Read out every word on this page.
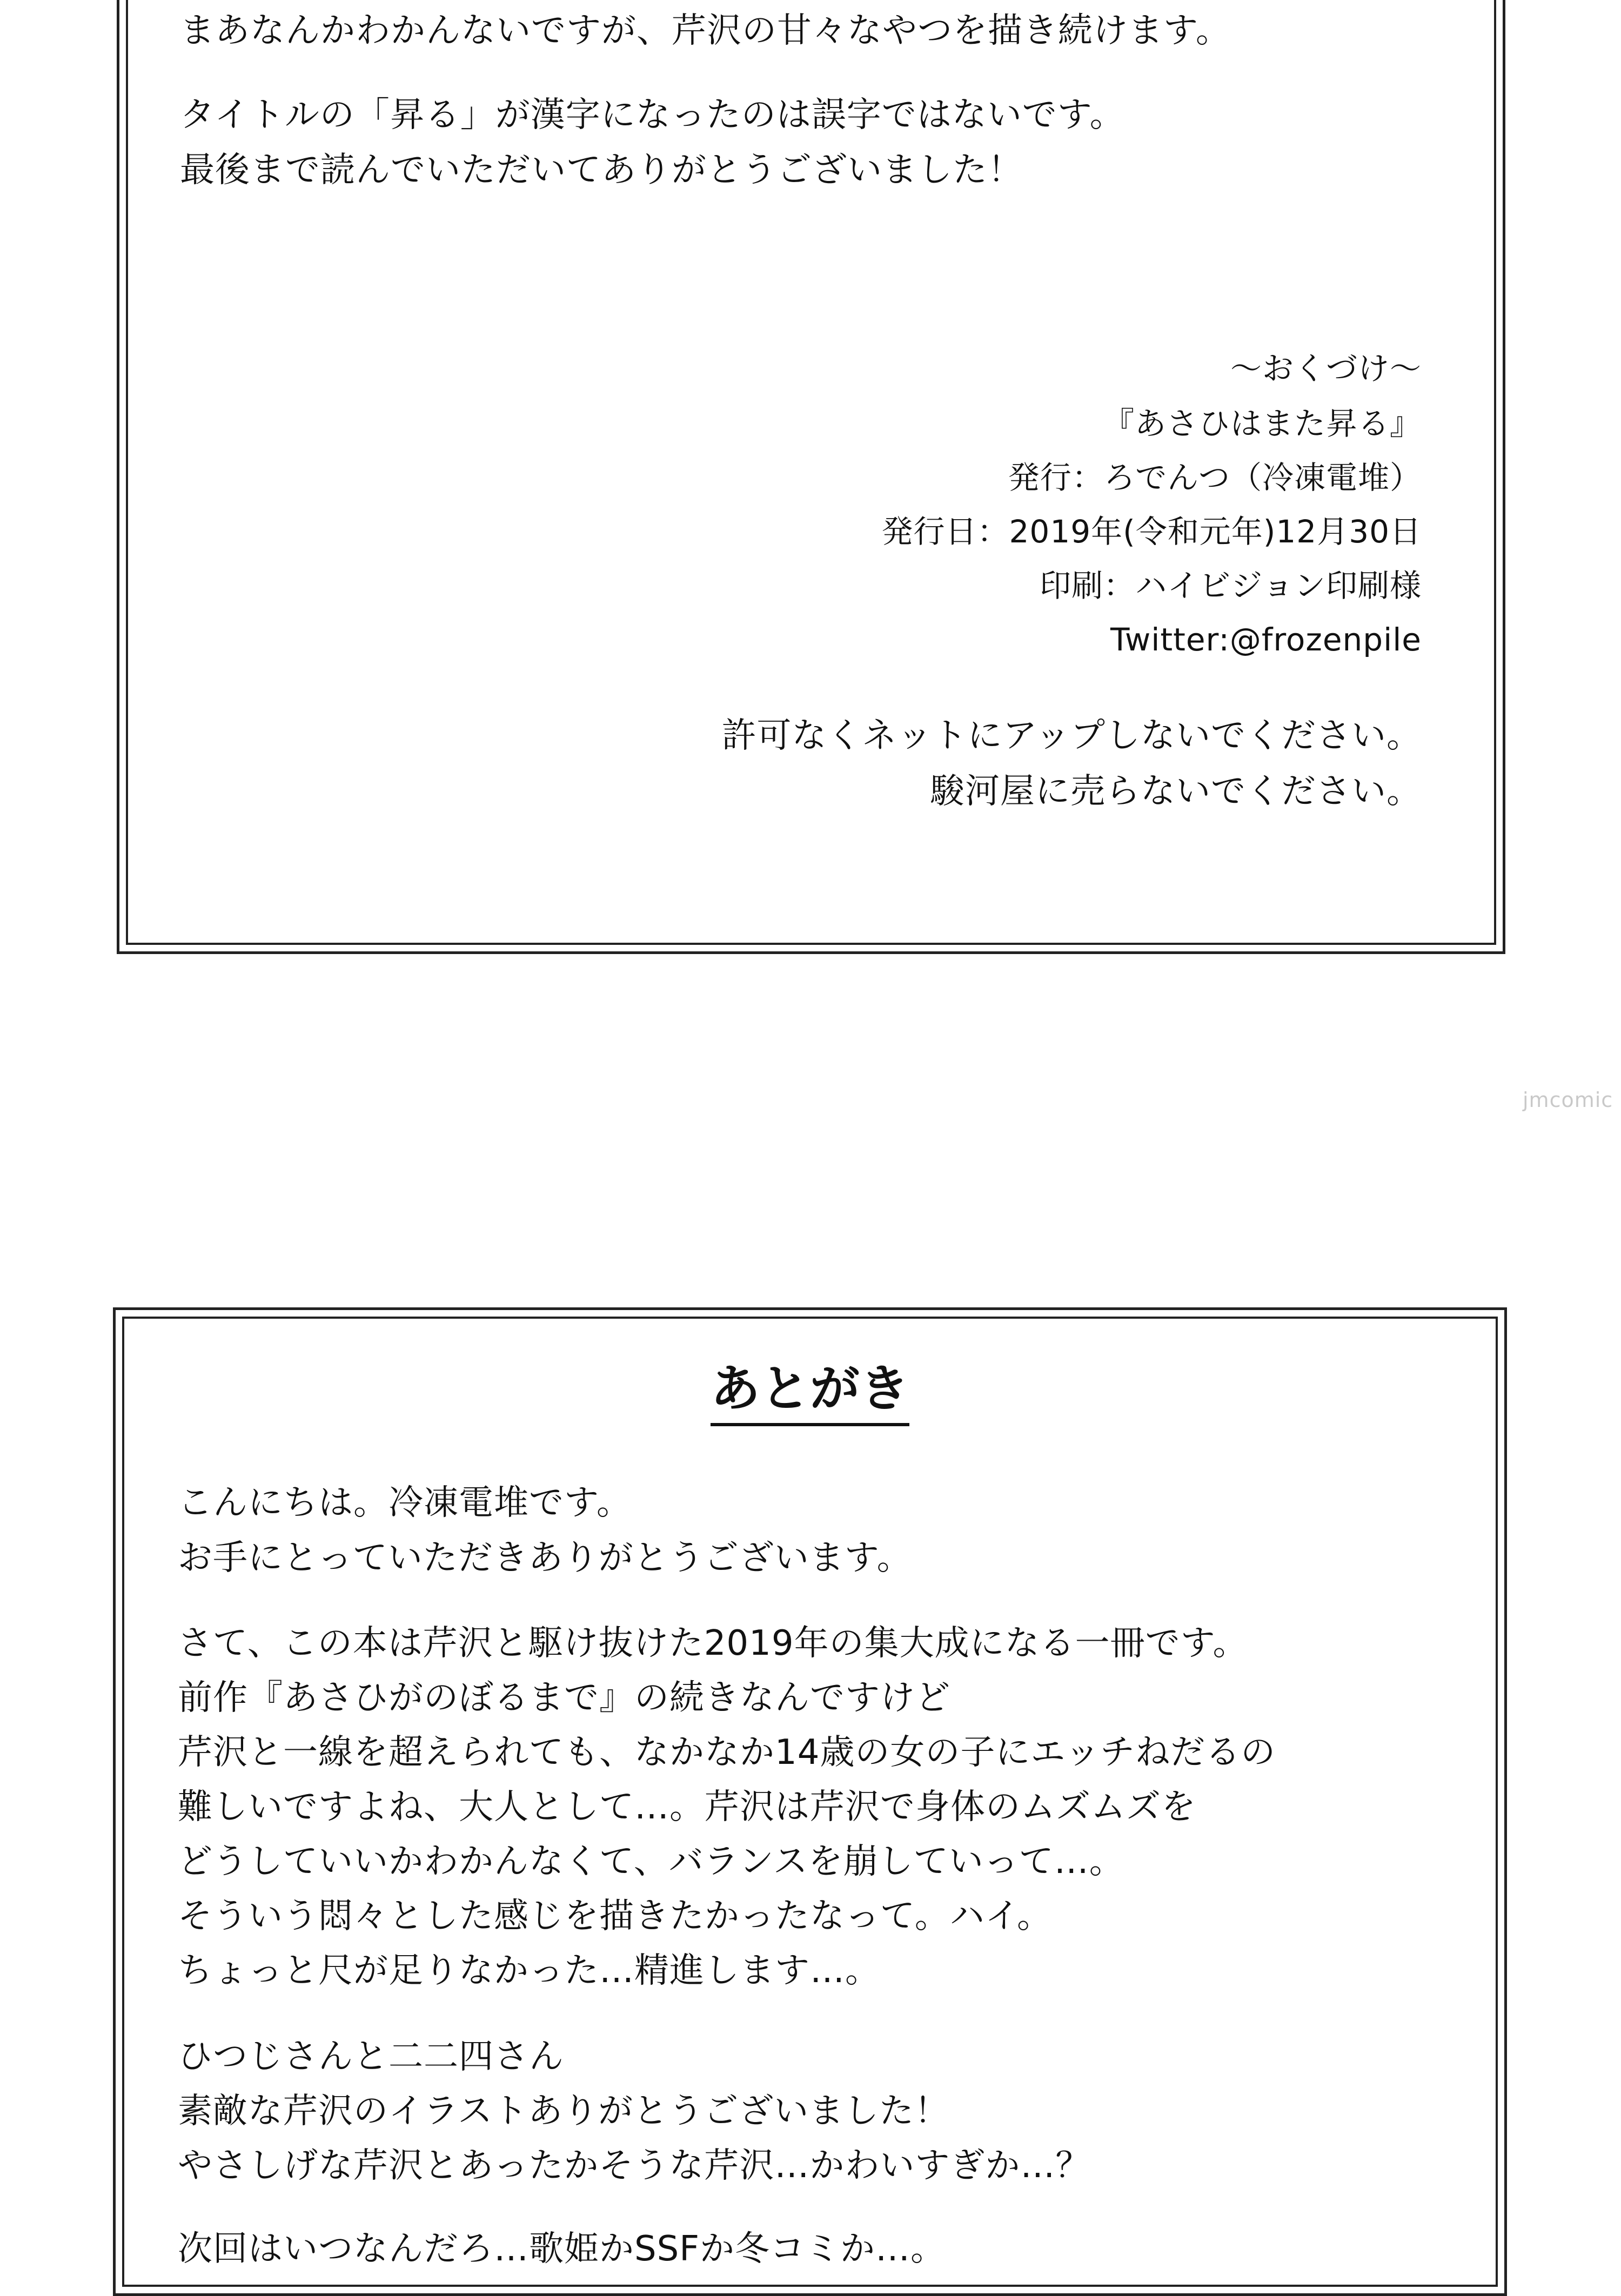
まあなんかわかんないですが、芹沢の甘々なやつを描き続けます。
タイトルの「昇る」が漢字になったのは誤字ではないです。
最後まで読んでいただいてありがとうございました！
〜おくづけ〜
『あさひはまた昇る』
発行：ろでんつ（冷凍電堆）
発行日：2019年(令和元年)12月30日
印刷：ハイビジョン印刷様
Twitter:@frozenpile
許可なくネットにアップしないでください。
駿河屋に売らないでください。
jmcomic
あとがき
こんにちは。冷凍電堆です。
お手にとっていただきありがとうございます。
さて、この本は芹沢と駆け抜けた2019年の集大成になる一冊です。
前作『あさひがのぼるまで』の続きなんですけど
芹沢と一線を超えられても、なかなか14歳の女の子にエッチねだるの
難しいですよね、大人として…。芹沢は芹沢で身体のムズムズを
どうしていいかわかんなくて、バランスを崩していって…。
そういう悶々とした感じを描きたかったなって。ハイ。
ちょっと尺が足りなかった…精進します…。
ひつじさんと二二四さん
素敵な芹沢のイラストありがとうございました！
やさしげな芹沢とあったかそうな芹沢…かわいすぎか…？
次回はいつなんだろ…歌姫かSSFか冬コミか…。
